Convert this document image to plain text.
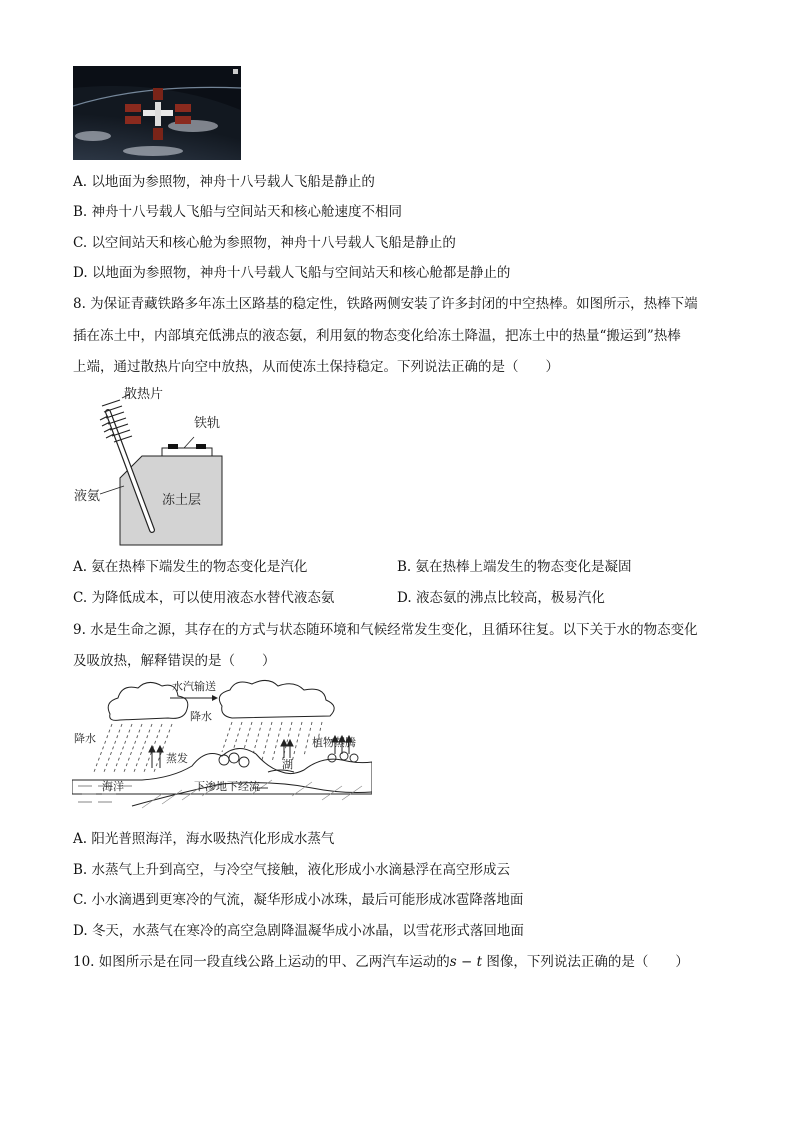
A. 以地面为参照物，神舟十八号载人飞船是静止的
B. 神舟十八号载人飞船与空间站天和核心舱速度不相同
C. 以空间站天和核心舱为参照物，神舟十八号载人飞船是静止的
D. 以地面为参照物，神舟十八号载人飞船与空间站天和核心舱都是静止的
8. 为保证青藏铁路多年冻土区路基的稳定性，铁路两侧安装了许多封闭的中空热棒。如图所示，热棒下端
插在冻土中，内部填充低沸点的液态氨，利用氨的物态变化给冻土降温，把冻土中的热量“搬运到”热棒
上端，通过散热片向空中放热，从而使冻土保持稳定。下列说法正确的是（　　）
散热片
铁轨
液氨	冻土层
A. 氨在热棒下端发生的物态变化是汽化	B. 氨在热棒上端发生的物态变化是凝固
C. 为降低成本，可以使用液态水替代液态氨	D. 液态氨的沸点比较高，极易汽化
9. 水是生命之源，其存在的方式与状态随环境和气候经常发生变化，且循环往复。以下关于水的物态变化
及吸放热，解释错误的是（　　）
水汽输送
降水
降水
蒸发	湖
植物蒸腾
海洋	下渗地下经流
A. 阳光普照海洋，海水吸热汽化形成水蒸气
B. 水蒸气上升到高空，与冷空气接触，液化形成小水滴悬浮在高空形成云
C. 小水滴遇到更寒冷的气流，凝华形成小冰珠，最后可能形成冰雹降落地面
D. 冬天，水蒸气在寒冷的高空急剧降温凝华成小冰晶，以雪花形式落回地面
10. 如图所示是在同一段直线公路上运动的甲、乙两汽车运动的s − t 图像，下列说法正确的是（　　）
